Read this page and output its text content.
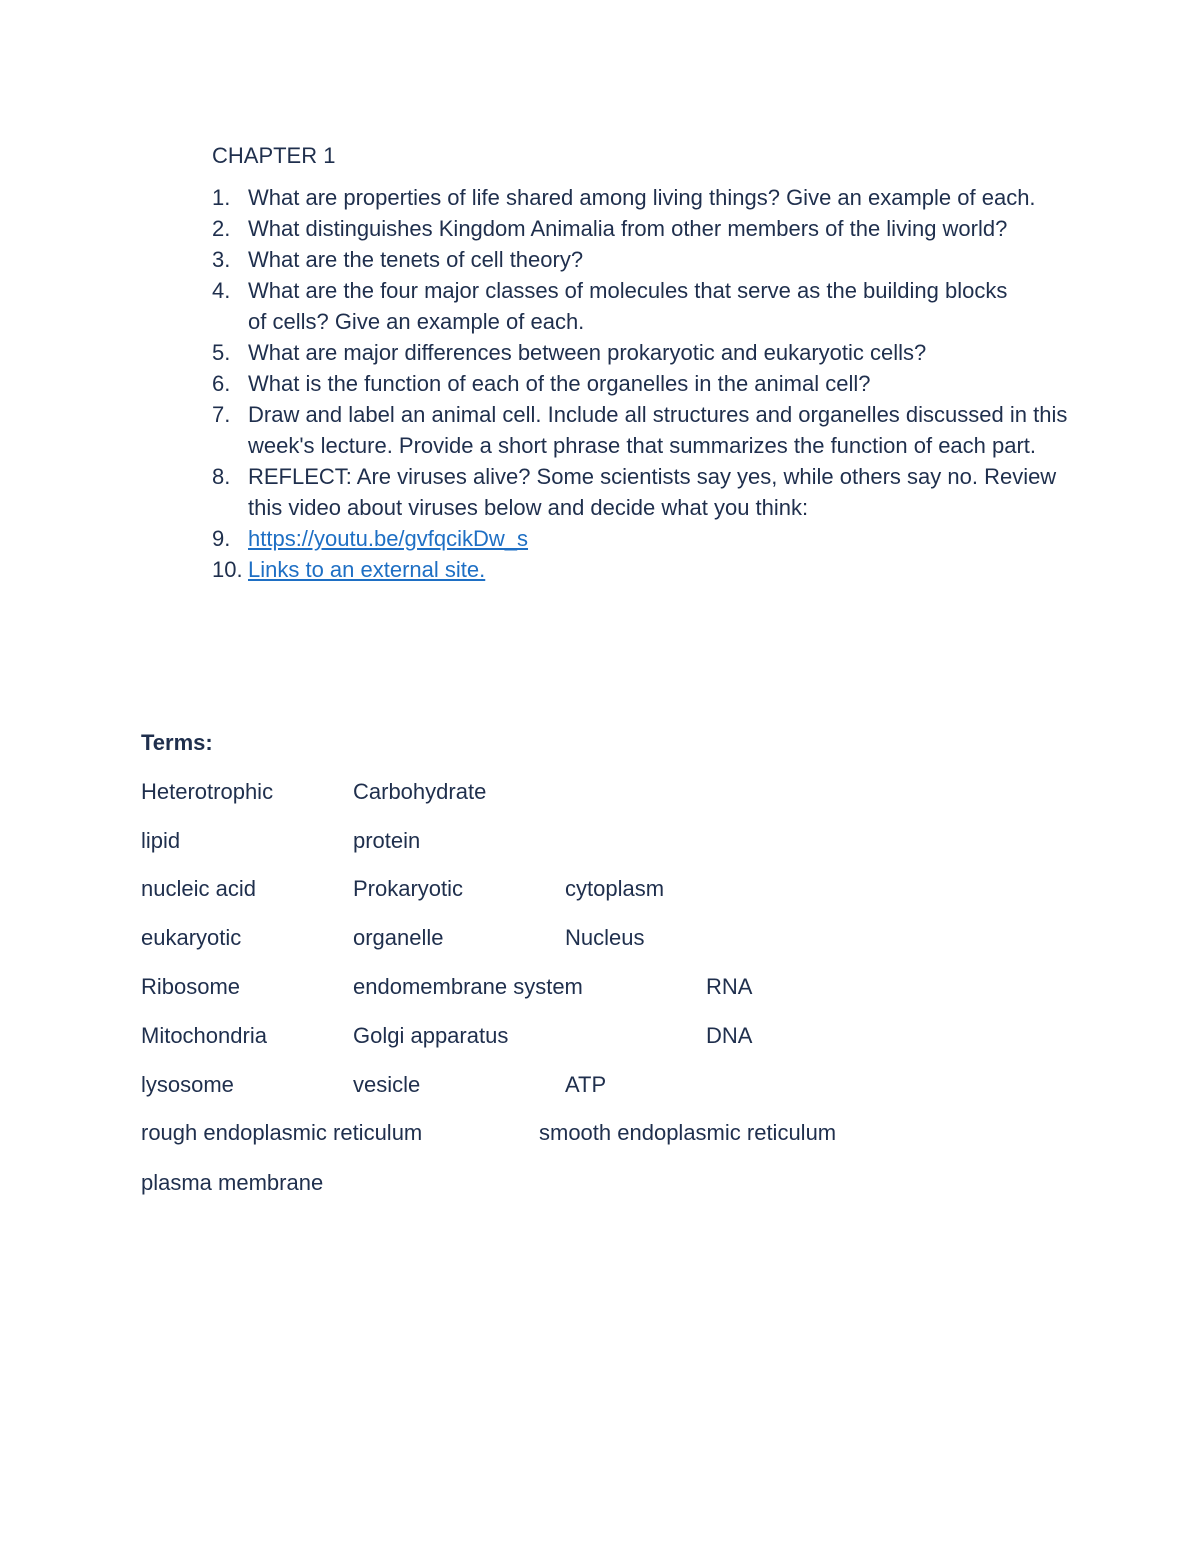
CHAPTER 1
1. What are properties of life shared among living things? Give an example of each.
2. What distinguishes Kingdom Animalia from other members of the living world?
3. What are the tenets of cell theory?
4. What are the four major classes of molecules that serve as the building blocks
of cells? Give an example of each.
5. What are major differences between prokaryotic and eukaryotic cells?
6. What is the function of each of the organelles in the animal cell?
7. Draw and label an animal cell. Include all structures and organelles discussed in this week's lecture. Provide a short phrase that summarizes the function of each part.
8. REFLECT: Are viruses alive? Some scientists say yes, while others say no. Review this video about viruses below and decide what you think:
9. https://youtu.be/gvfqcikDw_s
10. Links to an external site.
Terms:
Heterotrophic	Carbohydrate
lipid	protein
nucleic acid	Prokaryotic	cytoplasm
eukaryotic	organelle	Nucleus
Ribosome	endomembrane system	RNA
Mitochondria	Golgi apparatus	DNA
lysosome	vesicle	ATP
rough endoplasmic reticulum	smooth endoplasmic reticulum
plasma membrane
